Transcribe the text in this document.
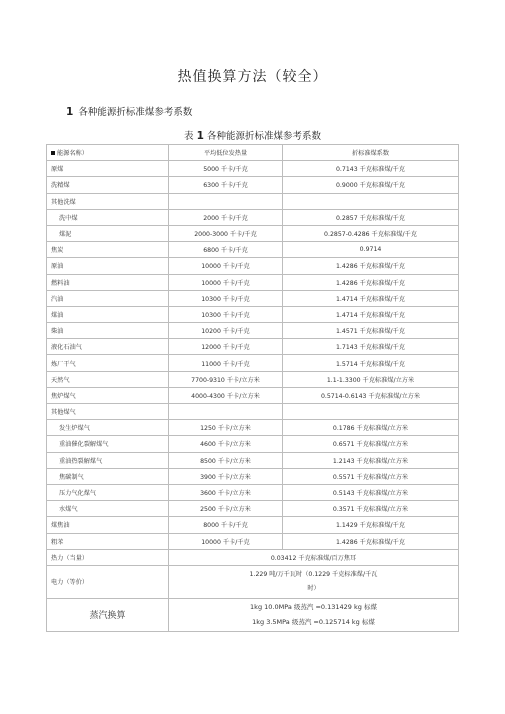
热值换算方法（较全）
1 各种能源折标准煤参考系数
表 1 各种能源折标准煤参考系数
能源名称）	平均低位发热量	折标准煤系数
原煤	5000 千卡/千克	0.7143 千克标准煤/千克
洗精煤	6300 千卡/千克	0.9000 千克标准煤/千克
其他洗煤		
洗中煤	2000 千卡/千克	0.2857 千克标准煤/千克
煤泥	2000-3000 千卡/千克	0.2857-0.4286 千克标准煤/千克
焦炭	6800 千卡/千克	0.9714
原油	10000 千卡/千克	1.4286 千克标准煤/千克
燃料油	10000 千卡/千克	1.4286 千克标准煤/千克
汽油	10300 千卡/千克	1.4714 千克标准煤/千克
煤油	10300 千卡/千克	1.4714 千克标准煤/千克
柴油	10200 千卡/千克	1.4571 千克标准煤/千克
液化石油气	12000 千卡/千克	1.7143 千克标准煤/千克
炼厂干气	11000 千卡/千克	1.5714 千克标准煤/千克
天然气	7700-9310 千卡/立方米	1.1-1.3300 千克标准煤/立方米
焦炉煤气	4000-4300 千卡/立方米	0.5714-0.6143 千克标准煤/立方米
其他煤气		
发生炉煤气	1250 千卡/立方米	0.1786 千克标准煤/立方米
重油催化裂解煤气	4600 千卡/立方米	0.6571 千克标准煤/立方米
重油热裂解煤气	8500 千卡/立方米	1.2143 千克标准煤/立方米
焦碳制气	3900 千卡/立方米	0.5571 千克标准煤/立方米
压力气化煤气	3600 千卡/立方米	0.5143 千克标准煤/立方米
水煤气	2500 千卡/立方米	0.3571 千克标准煤/立方米
煤焦油	8000 千卡/千克	1.1429 千克标准煤/千克
粗苯	10000 千卡/千克	1.4286 千克标准煤/千克
热力（当量）	0.03412 千克标准煤/百万焦耳	
电力（等价）	1.229 吨/万千瓦时（0.1229 千克标准煤/千瓦
时）	

蒸汽换算	1kg 10.0MPa 级蒸汽 =0.131429 kg 标煤
1kg 3.5MPa 级蒸汽 =0.125714 kg 标煤	
